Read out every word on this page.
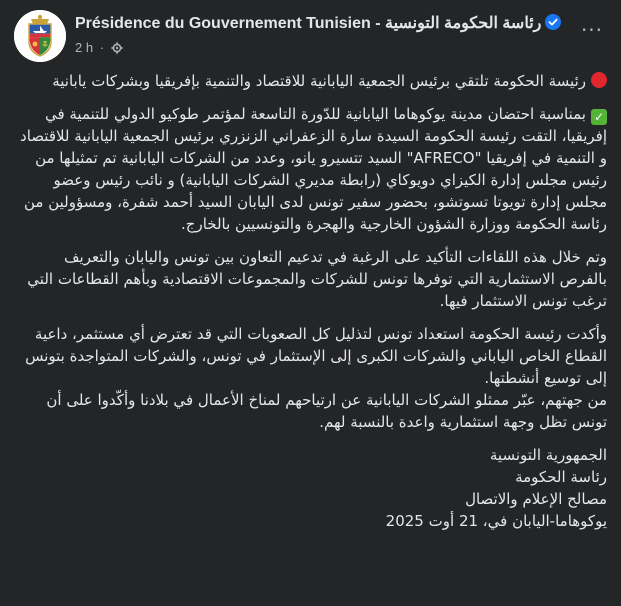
Présidence du Gouvernement Tunisien - رئاسة الحكومة التونسية
2 h ·
···
رئيسة الحكومة تلتقي برئيس الجمعية اليابانية للاقتصاد والتنمية بإفريقيا وبشركات يابانية
✓بمناسبة احتضان مدينة يوكوهاما اليابانية للدّورة التاسعة لمؤتمر طوكيو الدولي للتنمية في إفريقيا، التقت رئيسة الحكومة السيدة سارة الزعفراني الزنزري برئيس الجمعية اليابانية للاقتصاد و التنمية في إفريقيا "AFRECO" السيد تتسيرو يانو، وعدد من الشركات اليابانية تم تمثيلها من رئيس مجلس إدارة الكيزاي دويوكاي (رابطة مديري الشركات اليابانية) و نائب رئيس وعضو مجلس إدارة تويوتا تسوتشو، بحضور سفير تونس لدى اليابان السيد أحمد شفرة، ومسؤولين من رئاسة الحكومة ووزارة الشؤون الخارجية والهجرة والتونسيين بالخارج.
وتم خلال هذه اللقاءات التأكيد على الرغبة في تدعيم التعاون بين تونس واليابان والتعريف بالفرص الاستثمارية التي توفرها تونس للشركات والمجموعات الاقتصادية وبأهم القطاعات التي ترغب تونس الاستثمار فيها.

وأكدت رئيسة الحكومة استعداد تونس لتذليل كل الصعوبات التي قد تعترض أي مستثمر، داعية القطاع الخاص الياباني والشركات الكبرى إلى الإستثمار في تونس، والشركات المتواجدة بتونس إلى توسيع أنشطتها.

من جهتهم، عبّر ممثلو الشركات اليابانية عن ارتياحهم لمناخ الأعمال في بلادنا وأكّدوا على أن تونس تظل وجهة استثمارية واعدة بالنسبة لهم.

الجمهورية التونسية

رئاسة الحكومة

مصالح الإعلام والاتصال

يوكوهاما-اليابان في، 21 أوت 2025
